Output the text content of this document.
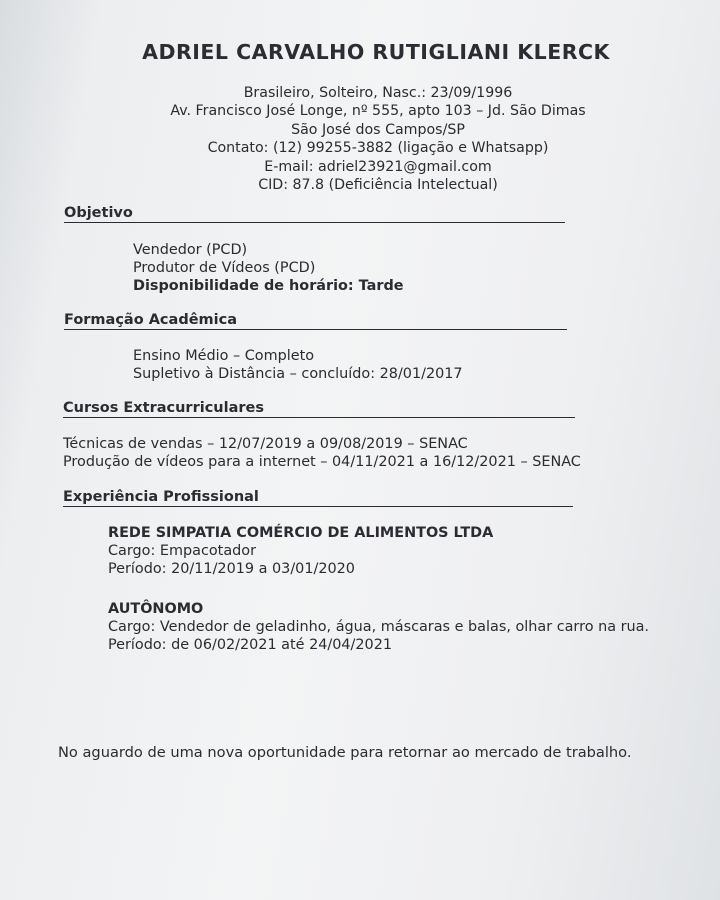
ADRIEL CARVALHO RUTIGLIANI KLERCK
Brasileiro, Solteiro, Nasc.: 23/09/1996
Av. Francisco José Longe, nº 555, apto 103 – Jd. São Dimas
São José dos Campos/SP
Contato: (12) 99255-3882 (ligação e Whatsapp)
E-mail: adriel23921@gmail.com
CID: 87.8 (Deficiência Intelectual)
Objetivo
Vendedor (PCD)
Produtor de Vídeos (PCD)
Disponibilidade de horário: Tarde
Formação Acadêmica
Ensino Médio – Completo
Supletivo à Distância – concluído: 28/01/2017
Cursos Extracurriculares
Técnicas de vendas – 12/07/2019 a 09/08/2019 – SENAC
Produção de vídeos para a internet – 04/11/2021 a 16/12/2021 – SENAC
Experiência Profissional
REDE SIMPATIA COMÉRCIO DE ALIMENTOS LTDA
Cargo: Empacotador
Período: 20/11/2019 a 03/01/2020
AUTÔNOMO
Cargo: Vendedor de geladinho, água, máscaras e balas, olhar carro na rua.
Período: de 06/02/2021 até 24/04/2021
No aguardo de uma nova oportunidade para retornar ao mercado de trabalho.
